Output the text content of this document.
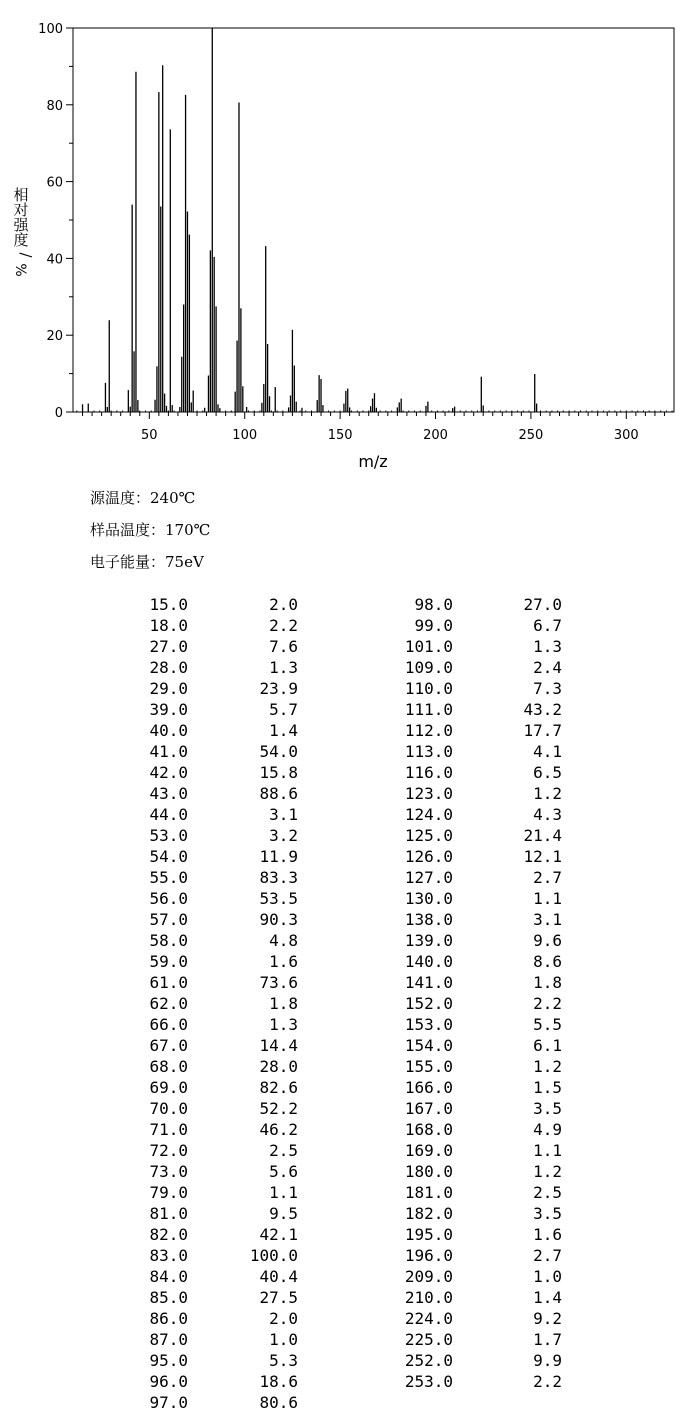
0
20
40
60
80
100
50	100	150	200	250	300
m/z
相
对
强
度
/
%
源温度：240℃
样品温度：170℃
电子能量：75eV
15.0	2.0
18.0	2.2
27.0	7.6
28.0	1.3
29.0	23.9
39.0	5.7
40.0	1.4
41.0	54.0
42.0	15.8
43.0	88.6
44.0	3.1
53.0	3.2
54.0	11.9
55.0	83.3
56.0	53.5
57.0	90.3
58.0	4.8
59.0	1.6
61.0	73.6
62.0	1.8
66.0	1.3
67.0	14.4
68.0	28.0
69.0	82.6
70.0	52.2
71.0	46.2
72.0	2.5
73.0	5.6
79.0	1.1
81.0	9.5
82.0	42.1
83.0	100.0
84.0	40.4
85.0	27.5
86.0	2.0
87.0	1.0
95.0	5.3
96.0	18.6
97.0	80.6
98.0	27.0
99.0	6.7
101.0	1.3
109.0	2.4
110.0	7.3
111.0	43.2
112.0	17.7
113.0	4.1
116.0	6.5
123.0	1.2
124.0	4.3
125.0	21.4
126.0	12.1
127.0	2.7
130.0	1.1
138.0	3.1
139.0	9.6
140.0	8.6
141.0	1.8
152.0	2.2
153.0	5.5
154.0	6.1
155.0	1.2
166.0	1.5
167.0	3.5
168.0	4.9
169.0	1.1
180.0	1.2
181.0	2.5
182.0	3.5
195.0	1.6
196.0	2.7
209.0	1.0
210.0	1.4
224.0	9.2
225.0	1.7
252.0	9.9
253.0	2.2
